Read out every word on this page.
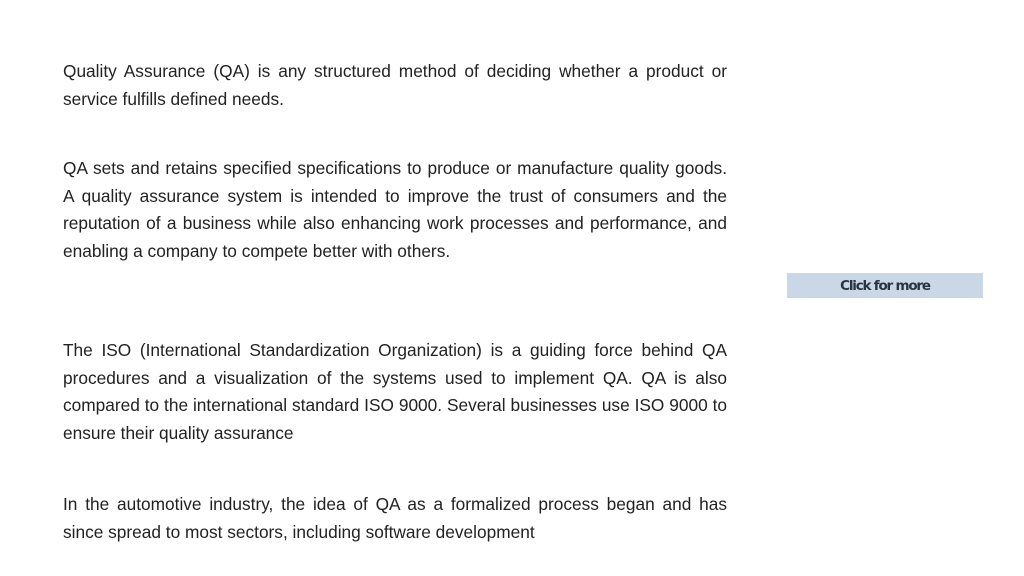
Quality Assurance (QA) is any structured method of deciding whether a product or service fulfills defined needs.

QA sets and retains specified specifications to produce or manufacture quality goods. A quality assurance system is intended to improve the trust of consumers and the reputation of a business while also enhancing work processes and performance, and enabling a company to compete better with others.

The ISO (International Standardization Organization) is a guiding force behind QA procedures and a visualization of the systems used to implement QA. QA is also compared to the international standard ISO 9000. Several businesses use ISO 9000 to ensure their quality assurance

In the automotive industry, the idea of QA as a formalized process began and has since spread to most sectors, including software development

Click for more
